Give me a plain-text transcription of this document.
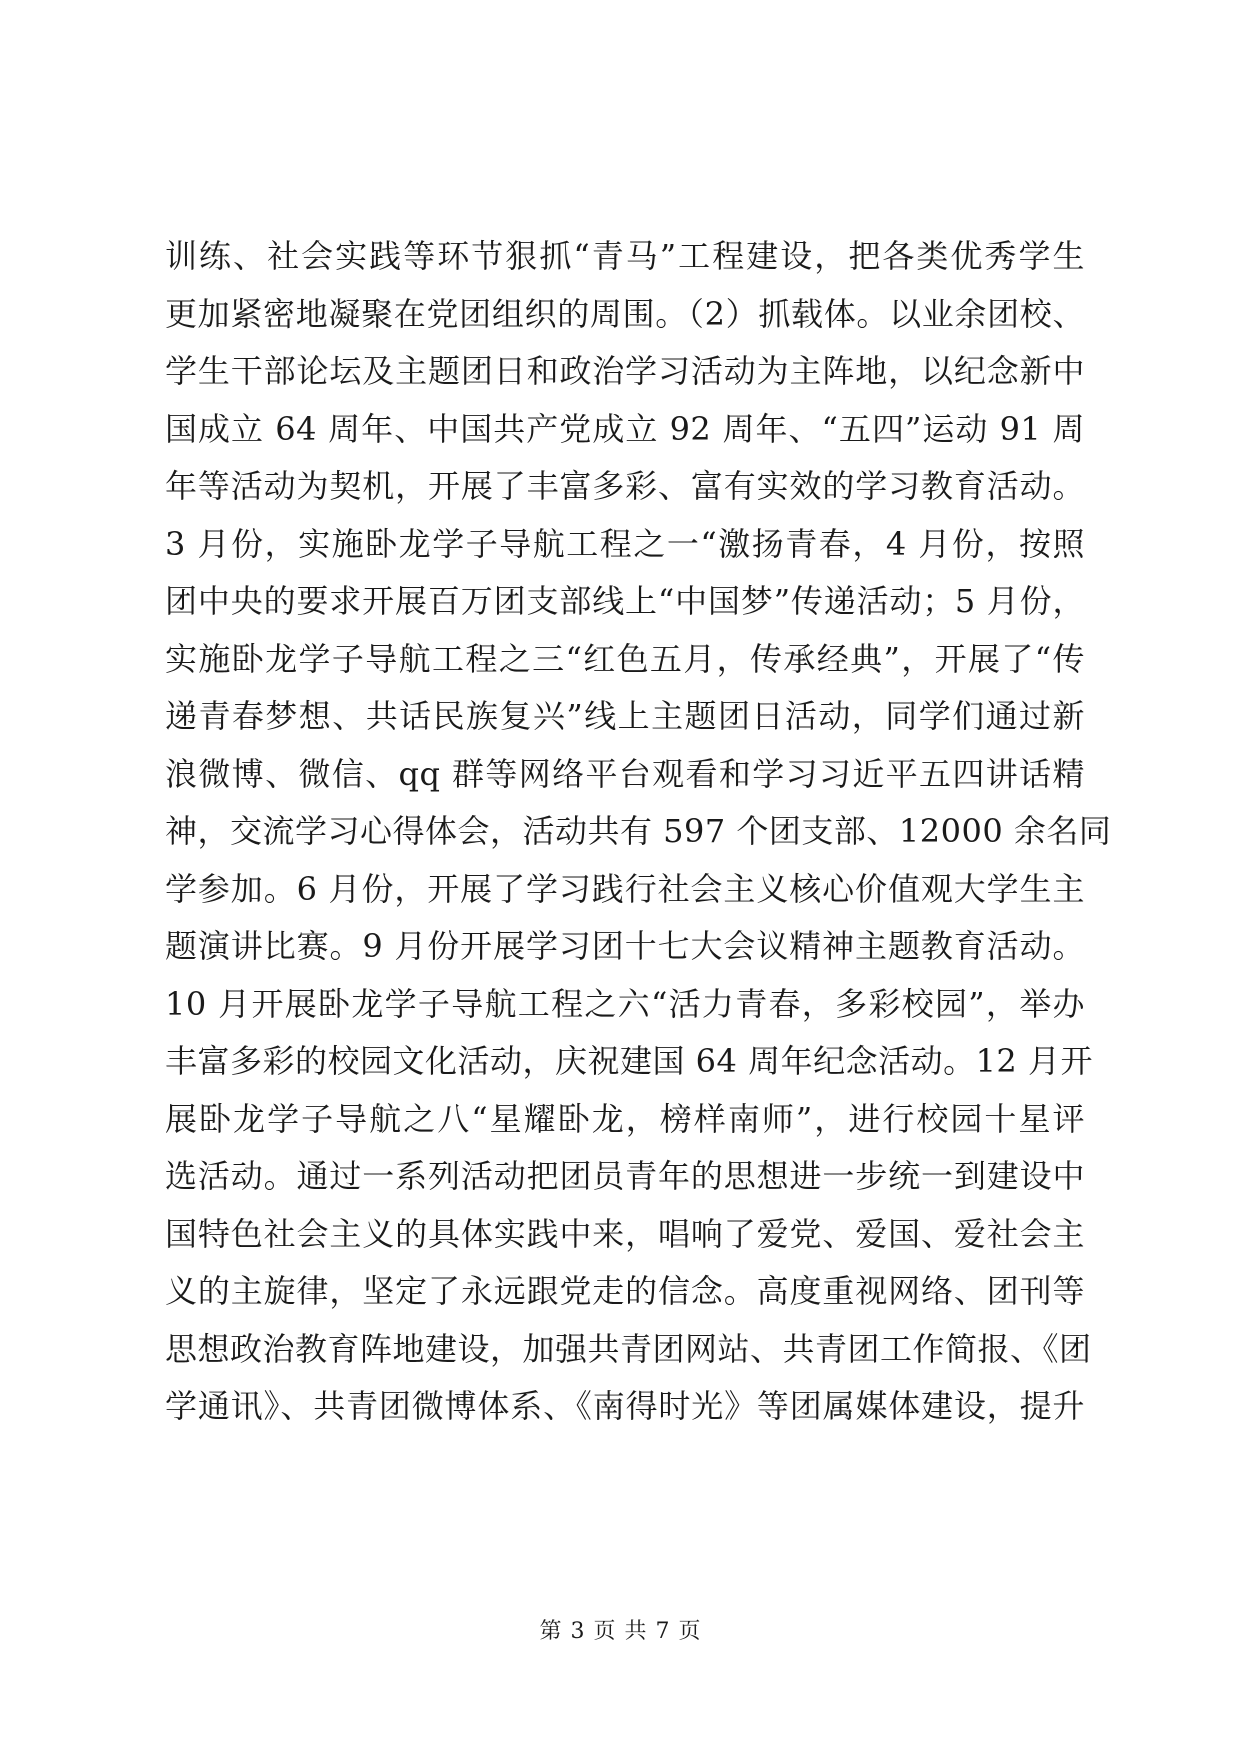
训练、社会实践等环节狠抓“青马”工程建设，把各类优秀学生
更加紧密地凝聚在党团组织的周围。（2）抓载体。以业余团校、
学生干部论坛及主题团日和政治学习活动为主阵地，以纪念新中
国成立 64 周年、中国共产党成立 92 周年、“五四”运动 91 周
年等活动为契机，开展了丰富多彩、富有实效的学习教育活动。
3 月份，实施卧龙学子导航工程之一“激扬青春，4 月份，按照
团中央的要求开展百万团支部线上“中国梦”传递活动；5 月份，
实施卧龙学子导航工程之三“红色五月，传承经典”，开展了“传
递青春梦想、共话民族复兴”线上主题团日活动，同学们通过新
浪微博、微信、qq 群等网络平台观看和学习习近平五四讲话精
神，交流学习心得体会，活动共有 597 个团支部、12000 余名同
学参加。6 月份，开展了学习践行社会主义核心价值观大学生主
题演讲比赛。9 月份开展学习团十七大会议精神主题教育活动。
10 月开展卧龙学子导航工程之六“活力青春，多彩校园”，举办
丰富多彩的校园文化活动，庆祝建国 64 周年纪念活动。12 月开
展卧龙学子导航之八“星耀卧龙，榜样南师”，进行校园十星评
选活动。通过一系列活动把团员青年的思想进一步统一到建设中
国特色社会主义的具体实践中来，唱响了爱党、爱国、爱社会主
义的主旋律，坚定了永远跟党走的信念。高度重视网络、团刊等
思想政治教育阵地建设，加强共青团网站、共青团工作简报、《团
学通讯》、共青团微博体系、《南得时光》等团属媒体建设，提升
第 3 页 共 7 页
